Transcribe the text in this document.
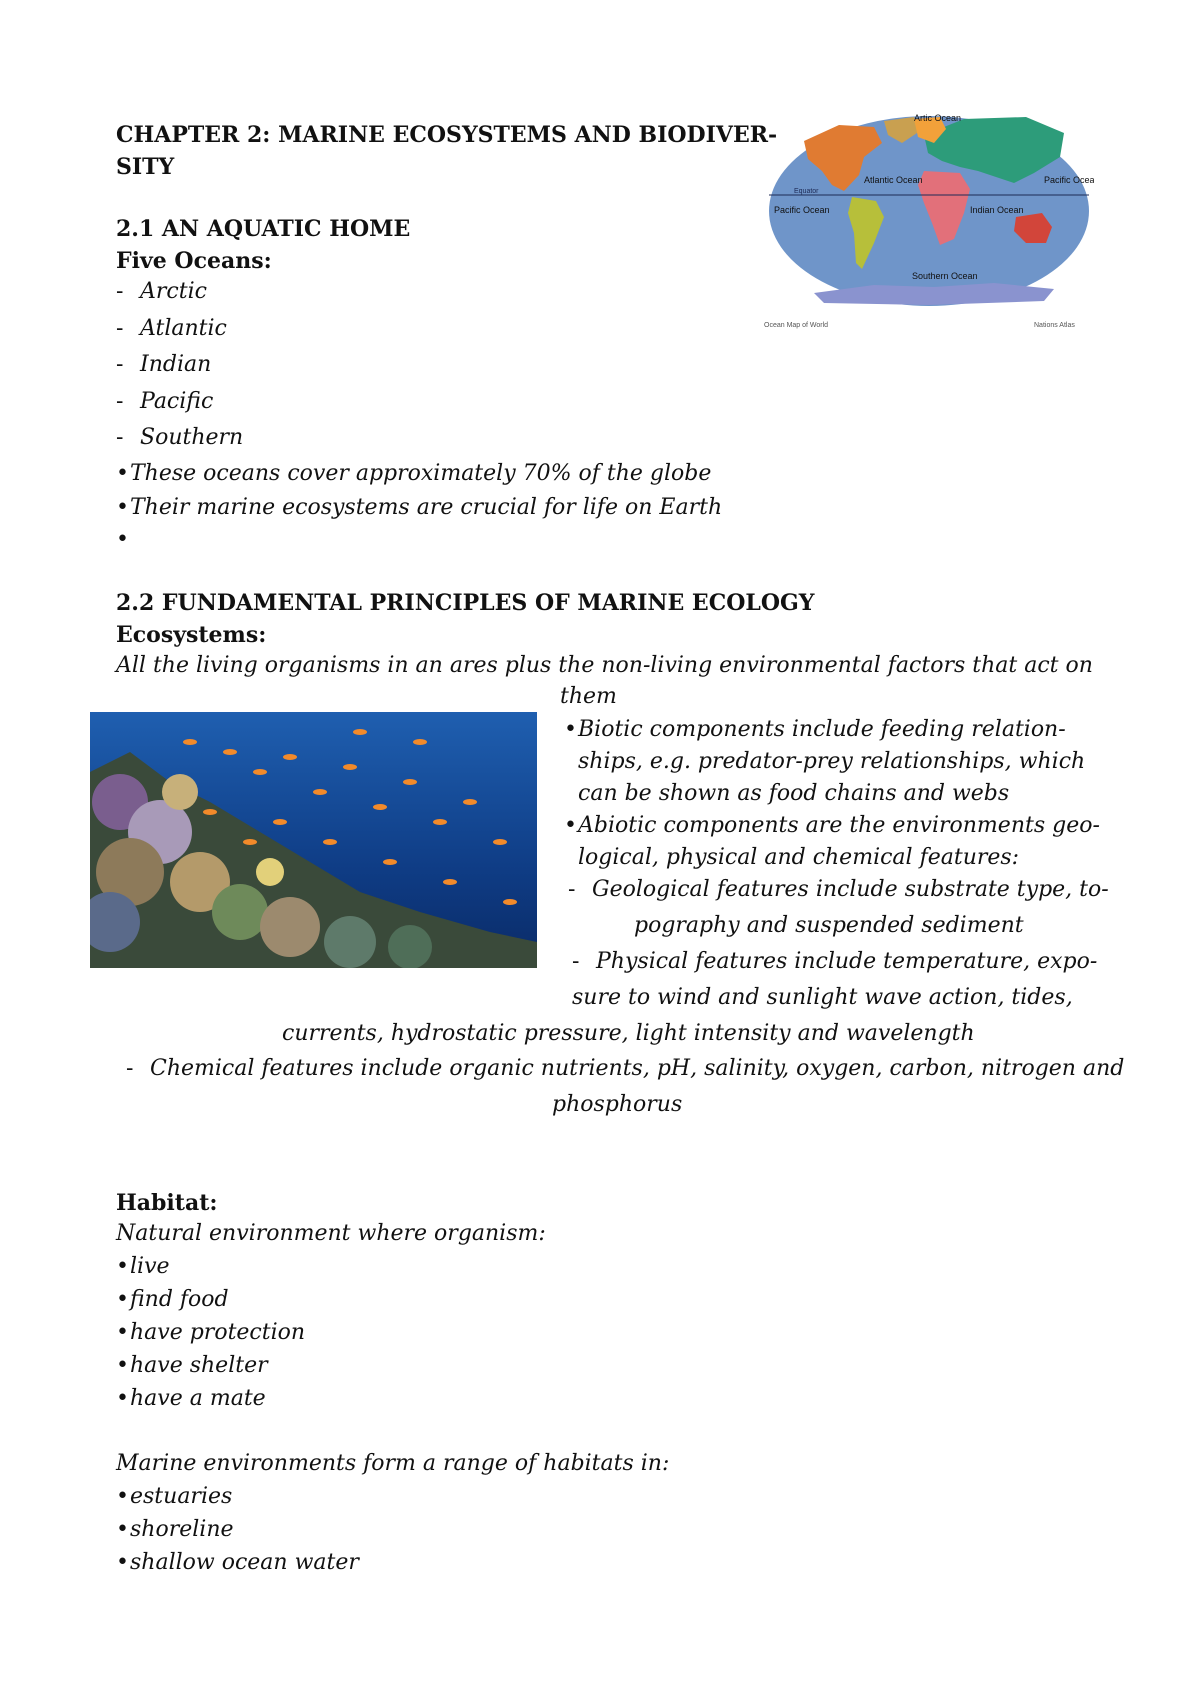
CHAPTER 2: MARINE ECOSYSTEMS AND BIODIVER-
SITY
2.1 AN AQUATIC HOME
Five Oceans:
- Arctic
- Atlantic
- Indian
- Pacific
- Southern
•These oceans cover approximately 70% of the globe
•Their marine ecosystems are crucial for life on Earth
•
Artic Ocean
Atlantic Ocean	Pacific Ocean
Pacific Ocean	Indian Ocean
Southern Ocean
Equator
Ocean Map of World	Nations Atlas
2.2 FUNDAMENTAL PRINCIPLES OF MARINE ECOLOGY
Ecosystems:
All the living organisms in an ares plus the non-living environmental factors that act on
them
•Biotic components include feeding relation-
ships, e.g. predator-prey relationships, which
can be shown as food chains and webs
•Abiotic components are the environments geo-
logical, physical and chemical features:
- Geological features include substrate type, to-
pography and suspended sediment
- Physical features include temperature, expo-
sure to wind and sunlight wave action, tides,
currents, hydrostatic pressure, light intensity and wavelength
- Chemical features include organic nutrients, pH, salinity, oxygen, carbon, nitrogen and
phosphorus
Habitat:
Natural environment where organism:
•live
•find food
•have protection
•have shelter
•have a mate
Marine environments form a range of habitats in:
•estuaries
•shoreline
•shallow ocean water
